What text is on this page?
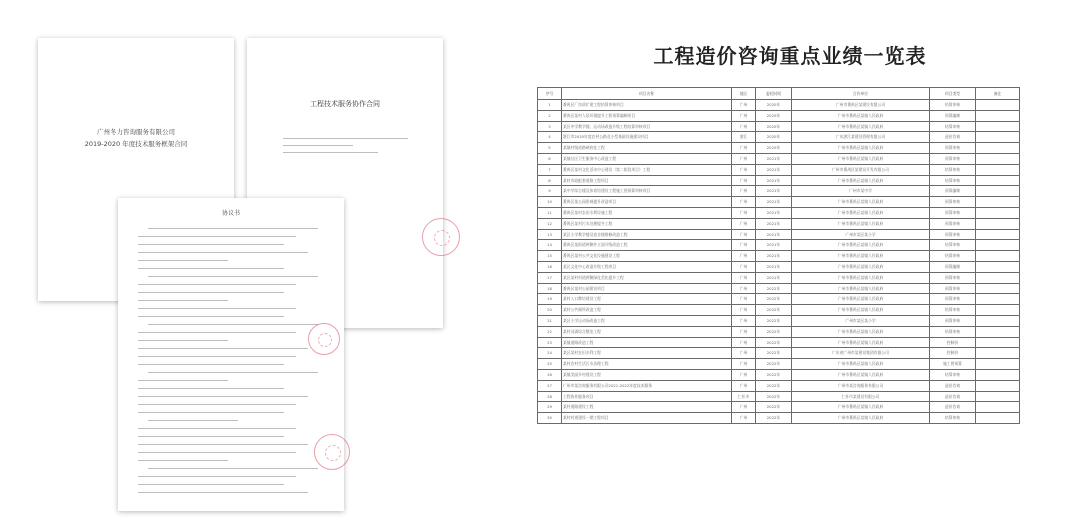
广州冬力咨询服务有限公司
2019-2020 年度技术服务框架合同
工程技术服务协作合同
协议书
工程造价咨询重点业绩一览表
序号	项目名称	地区	委托时间	合作单位	项目类型	备注
1	番禺区厂房改扩建工程结算审核项目	广州	2020年	广州市番禺区某建设有限公司	结算审核	
2	番禺区某村人居环境提升工程预算编制项目	广州	2020年	广州市番禺区某镇人民政府	预算编制	
3	某区中学教学楼、运动场改造升级工程结算审核项目	广州	2020年	广州市番禺区某镇人民政府	结算审核	
4	湛江市2020年度农村公路及小型基础设施建设项目	湛江	2020年	广东湛江某建设管理有限公司	造价咨询	
5	某镇村级道路硬底化工程	广州	2020年	广州市番禺区某镇人民政府	预算审核	
6	某镇社区卫生服务中心改造工程	广州	2021年	广州市番禺区某镇人民政府	预算审核	
7	番禺区某村文化活动中心建设（第二阶段项目）工程	广州	2021年	广州市番禺区某建设开发有限公司	结算审核	
8	某村市政配套道路工程项目	广州	2021年	广州市番禺区某镇人民政府	结算审核	
9	某中学综合楼及体育馆建设工程施工图预算审核项目	广州	2021年	广州市某中学	预算编制	
10	番禺区某公园景观提升改造项目	广州	2021年	广州市番禺区某镇人民政府	预算审核	
11	番禺区某村农田水利设施工程	广州	2021年	广州市番禺区某镇人民政府	预算审核	
12	番禺区某村污水处理提升工程	广州	2021年	广州市番禺区某镇人民政府	预算审核	
13	某区小学教学楼及宿舍楼维修改造工程	广州	2021年	广州市某区某小学	预算审核	
14	番禺区某街道两侧外立面升级改造工程	广州	2021年	广州市番禺区某镇人民政府	结算审核	
15	番禺区某村公共文化设施建设工程	广州	2021年	广州市番禺区某镇人民政府	结算审核	
16	某区文化中心改造升级工程项目	广州	2021年	广州市番禺区某镇人民政府	预算编制	
17	某区某村村道两侧绿化美化提升工程	广州	2021年	广州市番禺区某镇人民政府	预算审核	
18	番禺区某村公园建设项目	广州	2022年	广州市番禺区某镇人民政府	预算审核	
19	某村入口牌坊建设工程	广州	2022年	广州市番禺区某镇人民政府	预算审核	
20	某村公共厕所改造工程	广州	2022年	广州市番禺区某镇人民政府	结算审核	
21	某区小学运动场改造工程	广州	2022年	广州市某区某小学	预算审核	
22	某村河涌综合整治工程	广州	2022年	广州市番禺区某镇人民政府	结算审核	
23	某镇道路改造工程	广州	2022年	广州市番禺区某镇人民政府	控制价	
24	某区某村农田水利工程	广州	2022年	广东省广州市某建设集团有限公司	控制价	
25	某村农村生活污水治理工程	广州	2022年	广州市番禺区某镇人民政府	施工图预算	
26	某镇美丽乡村建设工程	广州	2022年	广州市番禺区某镇人民政府	结算审核	
27	广州市某咨询服务有限公司2021-2022年度技术服务	广州	2022年	广州市某咨询服务有限公司	造价咨询	
28	工程协作服务项目	仁怀市	2022年	仁怀市某建设有限公司	造价咨询	
29	某村道路建设工程	广州	2022年	广州市番禺区某镇人民政府	造价咨询	
30	某村村道建设一期工程项目	广州	2022年	广州市番禺区某镇人民政府	结算审核	
